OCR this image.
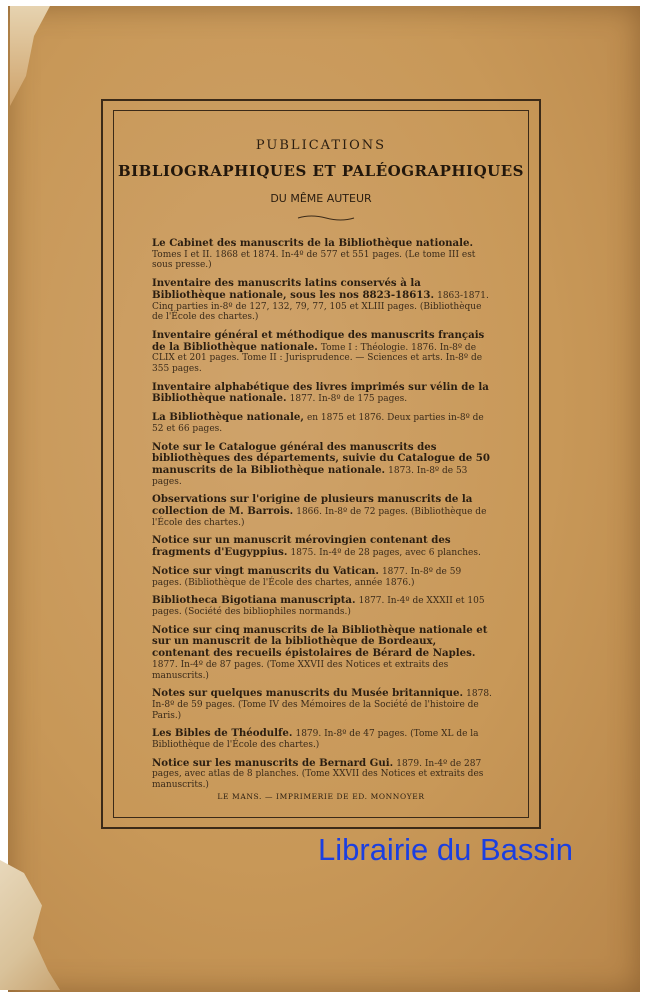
PUBLICATIONS
BIBLIOGRAPHIQUES ET PALÉOGRAPHIQUES
DU MÊME AUTEUR
Le Cabinet des manuscrits de la Bibliothèque nationale. Tomes I et II. 1868 et 1874. In-4º de 577 et 551 pages. (Le tome III est sous presse.)
Inventaire des manuscrits latins conservés à la Bibliothèque nationale, sous les nos 8823-18613. 1863-1871. Cinq parties in-8º de 127, 132, 79, 77, 105 et XLIII pages. (Bibliothèque de l'École des chartes.)
Inventaire général et méthodique des manuscrits français de la Bibliothèque nationale. Tome I : Théologie. 1876. In-8º de CLIX et 201 pages. Tome II : Jurisprudence. — Sciences et arts. In-8º de 355 pages.
Inventaire alphabétique des livres imprimés sur vélin de la Bibliothèque nationale. 1877. In-8º de 175 pages.
La Bibliothèque nationale, en 1875 et 1876. Deux parties in-8º de 52 et 66 pages.
Note sur le Catalogue général des manuscrits des bibliothèques des départements, suivie du Catalogue de 50 manuscrits de la Bibliothèque nationale. 1873. In-8º de 53 pages.
Observations sur l'origine de plusieurs manuscrits de la collection de M. Barrois. 1866. In-8º de 72 pages. (Bibliothèque de l'École des chartes.)
Notice sur un manuscrit mérovingien contenant des fragments d'Eugyppius. 1875. In-4º de 28 pages, avec 6 planches.
Notice sur vingt manuscrits du Vatican. 1877. In-8º de 59 pages. (Bibliothèque de l'École des chartes, année 1876.)
Bibliotheca Bigotiana manuscripta. 1877. In-4º de XXXII et 105 pages. (Société des bibliophiles normands.)
Notice sur cinq manuscrits de la Bibliothèque nationale et sur un manuscrit de la bibliothèque de Bordeaux, contenant des recueils épistolaires de Bérard de Naples. 1877. In-4º de 87 pages. (Tome XXVII des Notices et extraits des manuscrits.)
Notes sur quelques manuscrits du Musée britannique. 1878. In-8º de 59 pages. (Tome IV des Mémoires de la Société de l'histoire de Paris.)
Les Bibles de Théodulfe. 1879. In-8º de 47 pages. (Tome XL de la Bibliothèque de l'École des chartes.)
Notice sur les manuscrits de Bernard Gui. 1879. In-4º de 287 pages, avec atlas de 8 planches. (Tome XXVII des Notices et extraits des manuscrits.)
LE MANS. — IMPRIMERIE DE ED. MONNOYER
Librairie du Bassin
